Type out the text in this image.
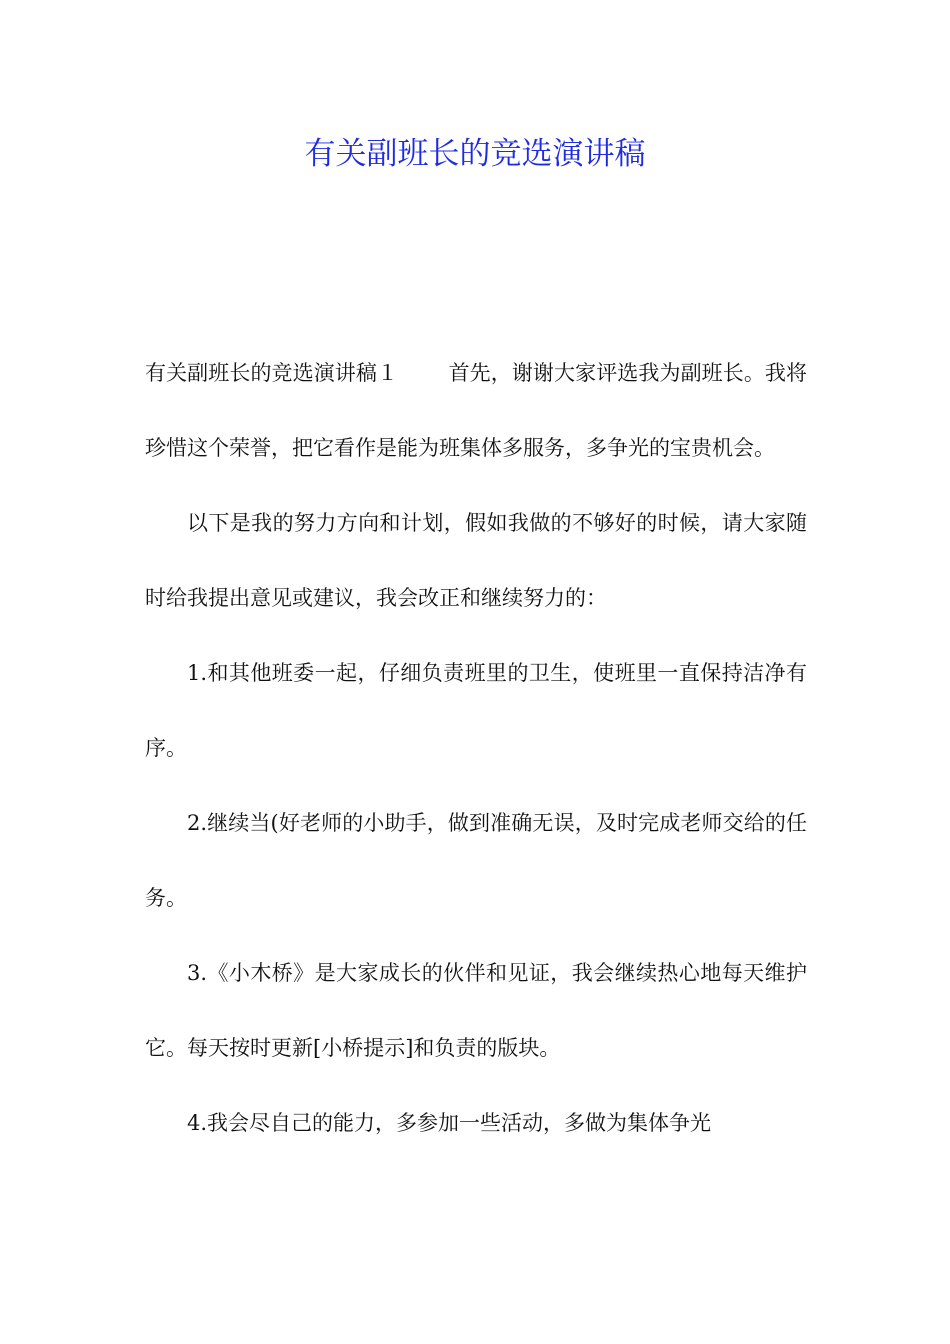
有关副班长的竞选演讲稿

有关副班长的竞选演讲稿１ 首先，谢谢大家评选我为副班长。我将珍惜这个荣誉，把它看作是能为班集体多服务，多争光的宝贵机会。

以下是我的努力方向和计划，假如我做的不够好的时候，请大家随时给我提出意见或建议，我会改正和继续努力的：

1.和其他班委一起，仔细负责班里的卫生，使班里一直保持洁净有序。

2.继续当(好老师的小助手，做到准确无误，及时完成老师交给的任务。

3.《小木桥》是大家成长的伙伴和见证，我会继续热心地每天维护它。每天按时更新[小桥提示]和负责的版块。

4.我会尽自己的能力，多参加一些活动，多做为集体争光
